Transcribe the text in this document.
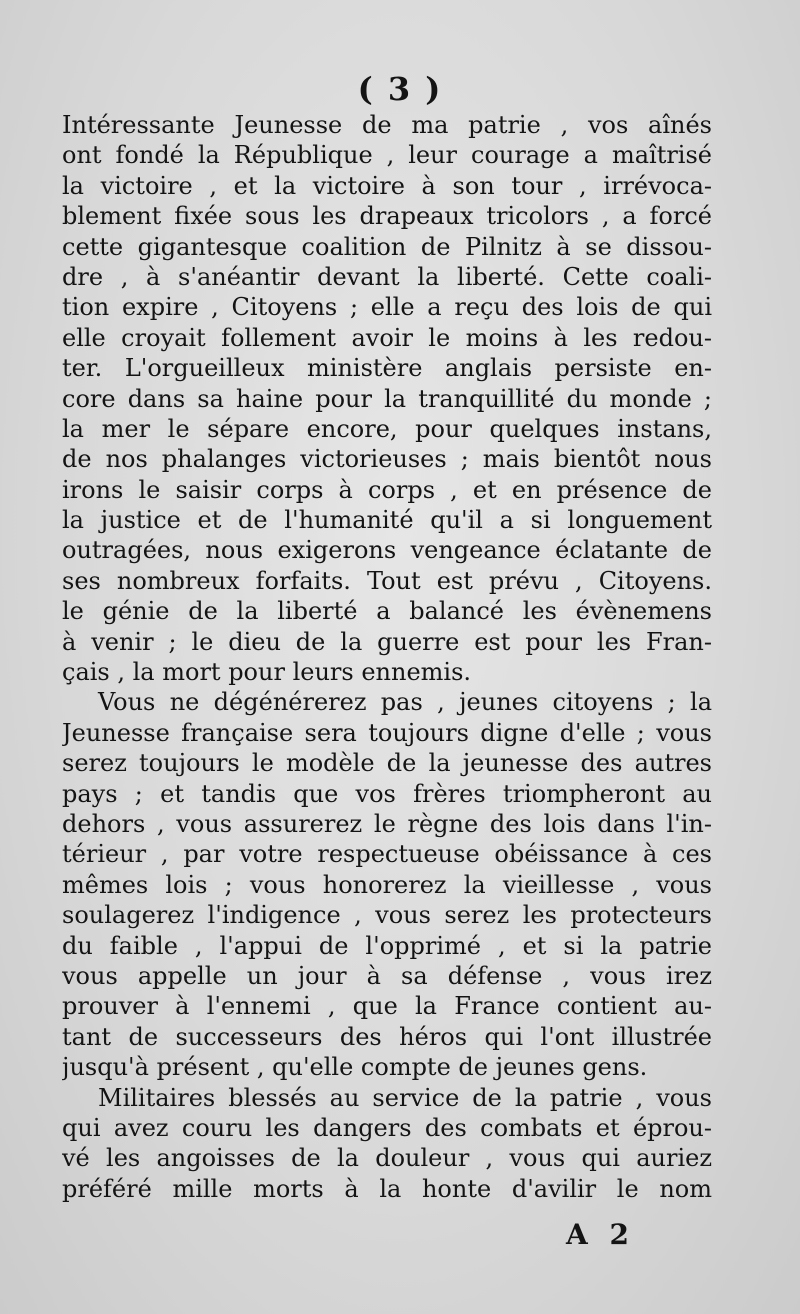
( 3 )
Intéressante Jeunesse de ma patrie , vos aînés
ont fondé la République , leur courage a maîtrisé
la victoire , et la victoire à son tour , irrévoca-
blement fixée sous les drapeaux tricolors , a forcé
cette gigantesque coalition de Pilnitz à se dissou-
dre , à s'anéantir devant la liberté. Cette coali-
tion expire , Citoyens ; elle a reçu des lois de qui
elle croyait follement avoir le moins à les redou-
ter. L'orgueilleux ministère anglais persiste en-
core dans sa haine pour la tranquillité du monde ;
la mer le sépare encore, pour quelques instans,
de nos phalanges victorieuses ; mais bientôt nous
irons le saisir corps à corps , et en présence de
la justice et de l'humanité qu'il a si longuement
outragées, nous exigerons vengeance éclatante de
ses nombreux forfaits. Tout est prévu , Citoyens.
le génie de la liberté a balancé les évènemens
à venir ; le dieu de la guerre est pour les Fran-
çais , la mort pour leurs ennemis.
Vous ne dégénérerez pas , jeunes citoyens ; la
Jeunesse française sera toujours digne d'elle ; vous
serez toujours le modèle de la jeunesse des autres
pays ; et tandis que vos frères triompheront au
dehors , vous assurerez le règne des lois dans l'in-
térieur , par votre respectueuse obéissance à ces
mêmes lois ; vous honorerez la vieillesse , vous
soulagerez l'indigence , vous serez les protecteurs
du faible , l'appui de l'opprimé , et si la patrie
vous appelle un jour à sa défense , vous irez
prouver à l'ennemi , que la France contient au-
tant de successeurs des héros qui l'ont illustrée
jusqu'à présent , qu'elle compte de jeunes gens.
Militaires blessés au service de la patrie , vous
qui avez couru les dangers des combats et éprou-
vé les angoisses de la douleur , vous qui auriez
préféré mille morts à la honte d'avilir le nom
A 2
